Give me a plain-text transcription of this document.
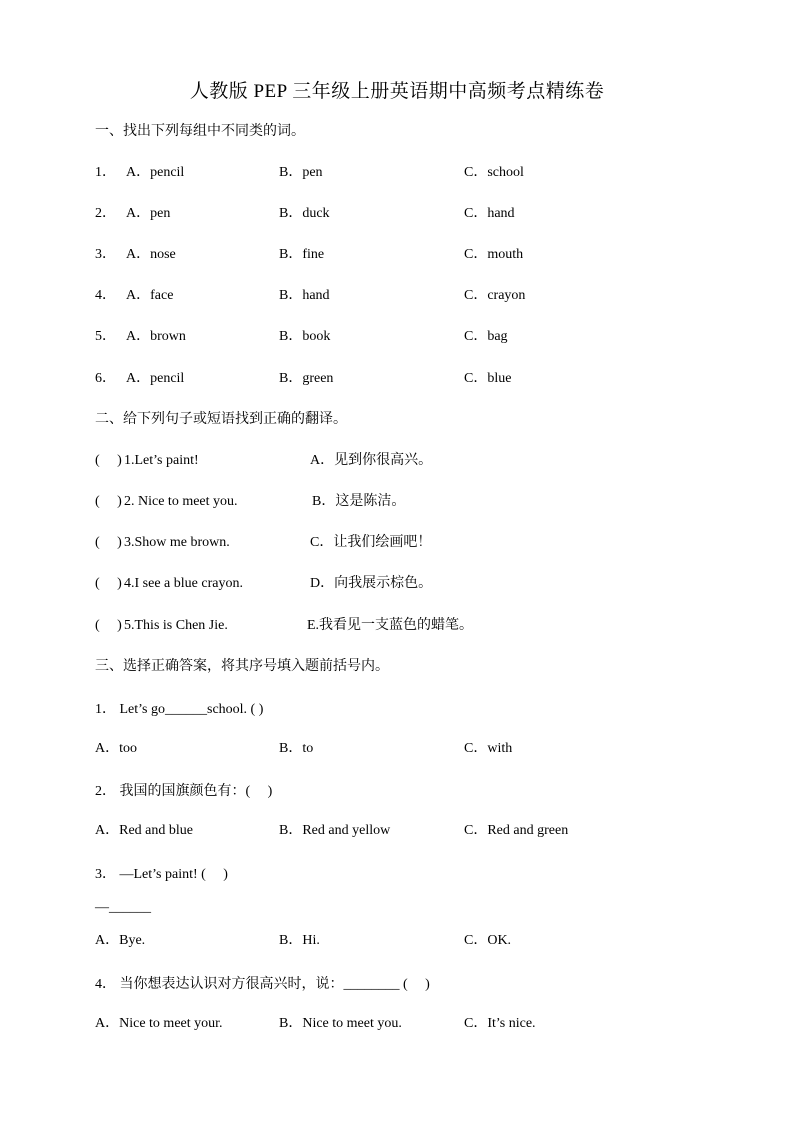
人教版 PEP 三年级上册英语期中高频考点精练卷
一、找出下列每组中不同类的词。
1． A．pencil	B．pen	C．school
2． A．pen	B．duck	C．hand
3． A．nose	B．fine	C．mouth
4． A．face	B．hand	C．crayon
5． A．brown	B．book	C．bag
6． A．pencil	B．green	C．blue
二、给下列句子或短语找到正确的翻译。
(　 ) 1.Let’s paint!	A．见到你很高兴。
(　 ) 2. Nice to meet you.	B．这是陈洁。
(　 ) 3.Show me brown.	C．让我们绘画吧！
(　 ) 4.I see a blue crayon.	D．向我展示棕色。
(　 ) 5.This is Chen Jie.	E.我看见一支蓝色的蜡笔。
三、选择正确答案，将其序号填入题前括号内。
1． Let’s go______school. ( )
A．too	B．to	C．with
2． 我国的国旗颜色有：(　 )
A．Red and blue	B．Red and yellow	C．Red and green
3． —Let’s paint! (　 )
—______
A．Bye.	B．Hi.	C．OK.
4． 当你想表达认识对方很高兴时，说：________ (　 )
A．Nice to meet your.	B．Nice to meet you.	C．It’s nice.
